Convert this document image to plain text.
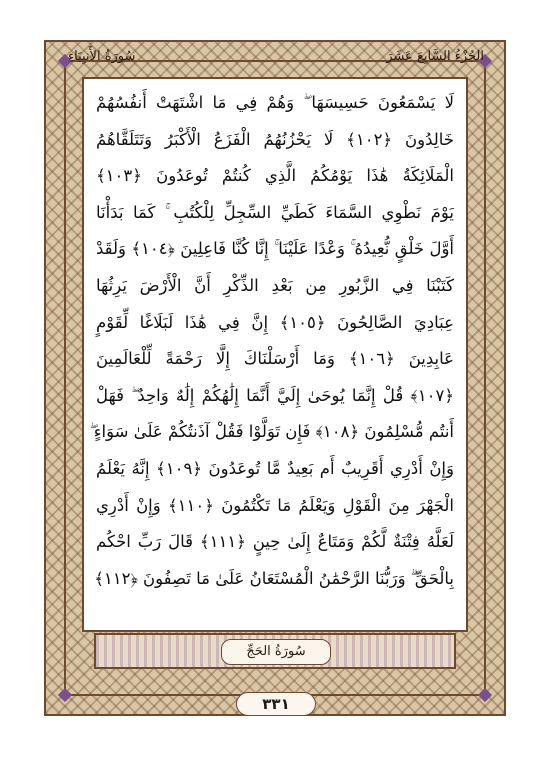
الجُزْءُ السَّابِعَ عَشَرَ
سُورَةُ الأَنبِيَاءِ
لَا يَسْمَعُونَ حَسِيسَهَا ۖ وَهُمْ فِي مَا اشْتَهَتْ أَنفُسُهُمْ
خَالِدُونَ ﴿١٠٢﴾ لَا يَحْزُنُهُمُ الْفَزَعُ الْأَكْبَرُ وَتَتَلَقَّاهُمُ
الْمَلَائِكَةُ هَٰذَا يَوْمُكُمُ الَّذِي كُنتُمْ تُوعَدُونَ ﴿١٠٣﴾
يَوْمَ نَطْوِي السَّمَاءَ كَطَيِّ السِّجِلِّ لِلْكُتُبِ ۚ كَمَا بَدَأْنَا
أَوَّلَ خَلْقٍ نُّعِيدُهُ ۚ وَعْدًا عَلَيْنَا ۚ إِنَّا كُنَّا فَاعِلِينَ ﴿١٠٤﴾ وَلَقَدْ
كَتَبْنَا فِي الزَّبُورِ مِن بَعْدِ الذِّكْرِ أَنَّ الْأَرْضَ يَرِثُهَا
عِبَادِيَ الصَّالِحُونَ ﴿١٠٥﴾ إِنَّ فِي هَٰذَا لَبَلَاغًا لِّقَوْمٍ
عَابِدِينَ ﴿١٠٦﴾ وَمَا أَرْسَلْنَاكَ إِلَّا رَحْمَةً لِّلْعَالَمِينَ
﴿١٠٧﴾ قُلْ إِنَّمَا يُوحَىٰ إِلَيَّ أَنَّمَا إِلَٰهُكُمْ إِلَٰهٌ وَاحِدٌ ۖ فَهَلْ
أَنتُم مُّسْلِمُونَ ﴿١٠٨﴾ فَإِن تَوَلَّوْا فَقُلْ آذَنتُكُمْ عَلَىٰ سَوَاءٍ ۖ
وَإِنْ أَدْرِي أَقَرِيبٌ أَم بَعِيدٌ مَّا تُوعَدُونَ ﴿١٠٩﴾ إِنَّهُ يَعْلَمُ
الْجَهْرَ مِنَ الْقَوْلِ وَيَعْلَمُ مَا تَكْتُمُونَ ﴿١١٠﴾ وَإِنْ أَدْرِي
لَعَلَّهُ فِتْنَةٌ لَّكُمْ وَمَتَاعٌ إِلَىٰ حِينٍ ﴿١١١﴾ قَالَ رَبِّ احْكُم
بِالْحَقِّ ۗ وَرَبُّنَا الرَّحْمَٰنُ الْمُسْتَعَانُ عَلَىٰ مَا تَصِفُونَ ﴿١١٢﴾
سُورَةُ الحَجِّ
٣٣١
